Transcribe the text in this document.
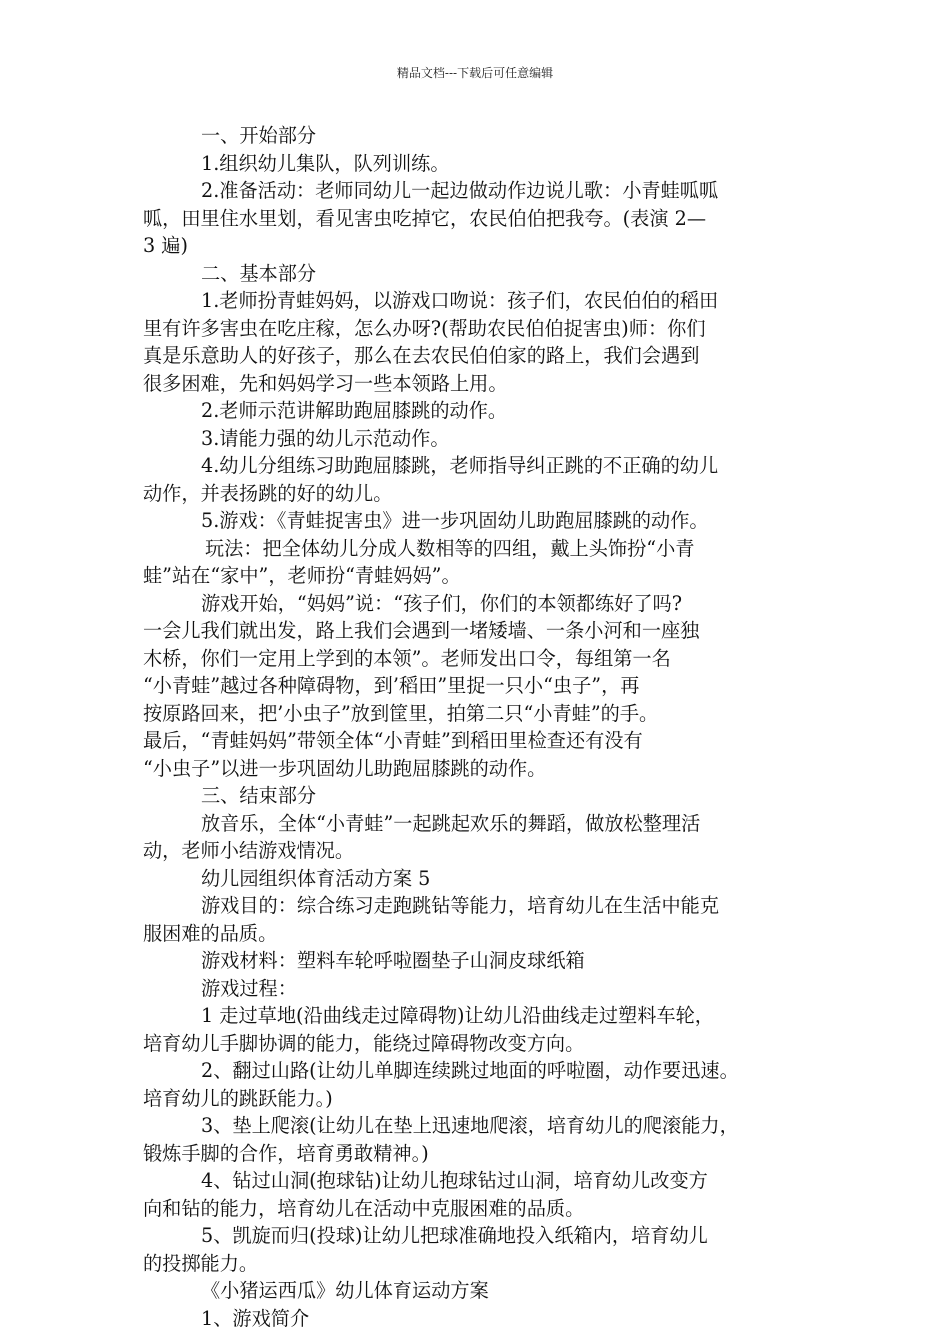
精品文档---下载后可任意编辑
一、开始部分
1.组织幼儿集队，队列训练。
2.准备活动：老师同幼儿一起边做动作边说儿歌：小青蛙呱呱
呱，田里住水里划，看见害虫吃掉它，农民伯伯把我夸。(表演 2—
3 遍)
二、基本部分
1.老师扮青蛙妈妈，以游戏口吻说：孩子们，农民伯伯的稻田
里有许多害虫在吃庄稼，怎么办呀?(帮助农民伯伯捉害虫)师：你们
真是乐意助人的好孩子，那么在去农民伯伯家的路上，我们会遇到
很多困难，先和妈妈学习一些本领路上用。
2.老师示范讲解助跑屈膝跳的动作。
3.请能力强的幼儿示范动作。
4.幼儿分组练习助跑屈膝跳，老师指导纠正跳的不正确的幼儿
动作，并表扬跳的好的幼儿。
5.游戏：《青蛙捉害虫》进一步巩固幼儿助跑屈膝跳的动作。
玩法：把全体幼儿分成人数相等的四组，戴上头饰扮“小青
蛙”站在“家中”，老师扮“青蛙妈妈”。
游戏开始，“妈妈”说：“孩子们，你们的本领都练好了吗?
一会儿我们就出发，路上我们会遇到一堵矮墙、一条小河和一座独
木桥，你们一定用上学到的本领”。老师发出口令，每组第一名
“小青蛙”越过各种障碍物，到’稻田”里捉一只小“虫子”，再
按原路回来，把’小虫子”放到筐里，拍第二只“小青蛙”的手。
最后，“青蛙妈妈”带领全体“小青蛙”到稻田里检查还有没有
“小虫子”以进一步巩固幼儿助跑屈膝跳的动作。
三、结束部分
放音乐，全体“小青蛙”一起跳起欢乐的舞蹈，做放松整理活
动，老师小结游戏情况。
幼儿园组织体育活动方案 5
游戏目的：综合练习走跑跳钻等能力，培育幼儿在生活中能克
服困难的品质。
游戏材料：塑料车轮呼啦圈垫子山洞皮球纸箱
游戏过程：
1 走过草地(沿曲线走过障碍物)让幼儿沿曲线走过塑料车轮，
培育幼儿手脚协调的能力，能绕过障碍物改变方向。
2、翻过山路(让幼儿单脚连续跳过地面的呼啦圈，动作要迅速。
培育幼儿的跳跃能力。)
3、垫上爬滚(让幼儿在垫上迅速地爬滚，培育幼儿的爬滚能力，
锻炼手脚的合作，培育勇敢精神。)
4、钻过山洞(抱球钻)让幼儿抱球钻过山洞，培育幼儿改变方
向和钻的能力，培育幼儿在活动中克服困难的品质。
5、凯旋而归(投球)让幼儿把球准确地投入纸箱内，培育幼儿
的投掷能力。
《小猪运西瓜》幼儿体育运动方案
1、游戏简介
